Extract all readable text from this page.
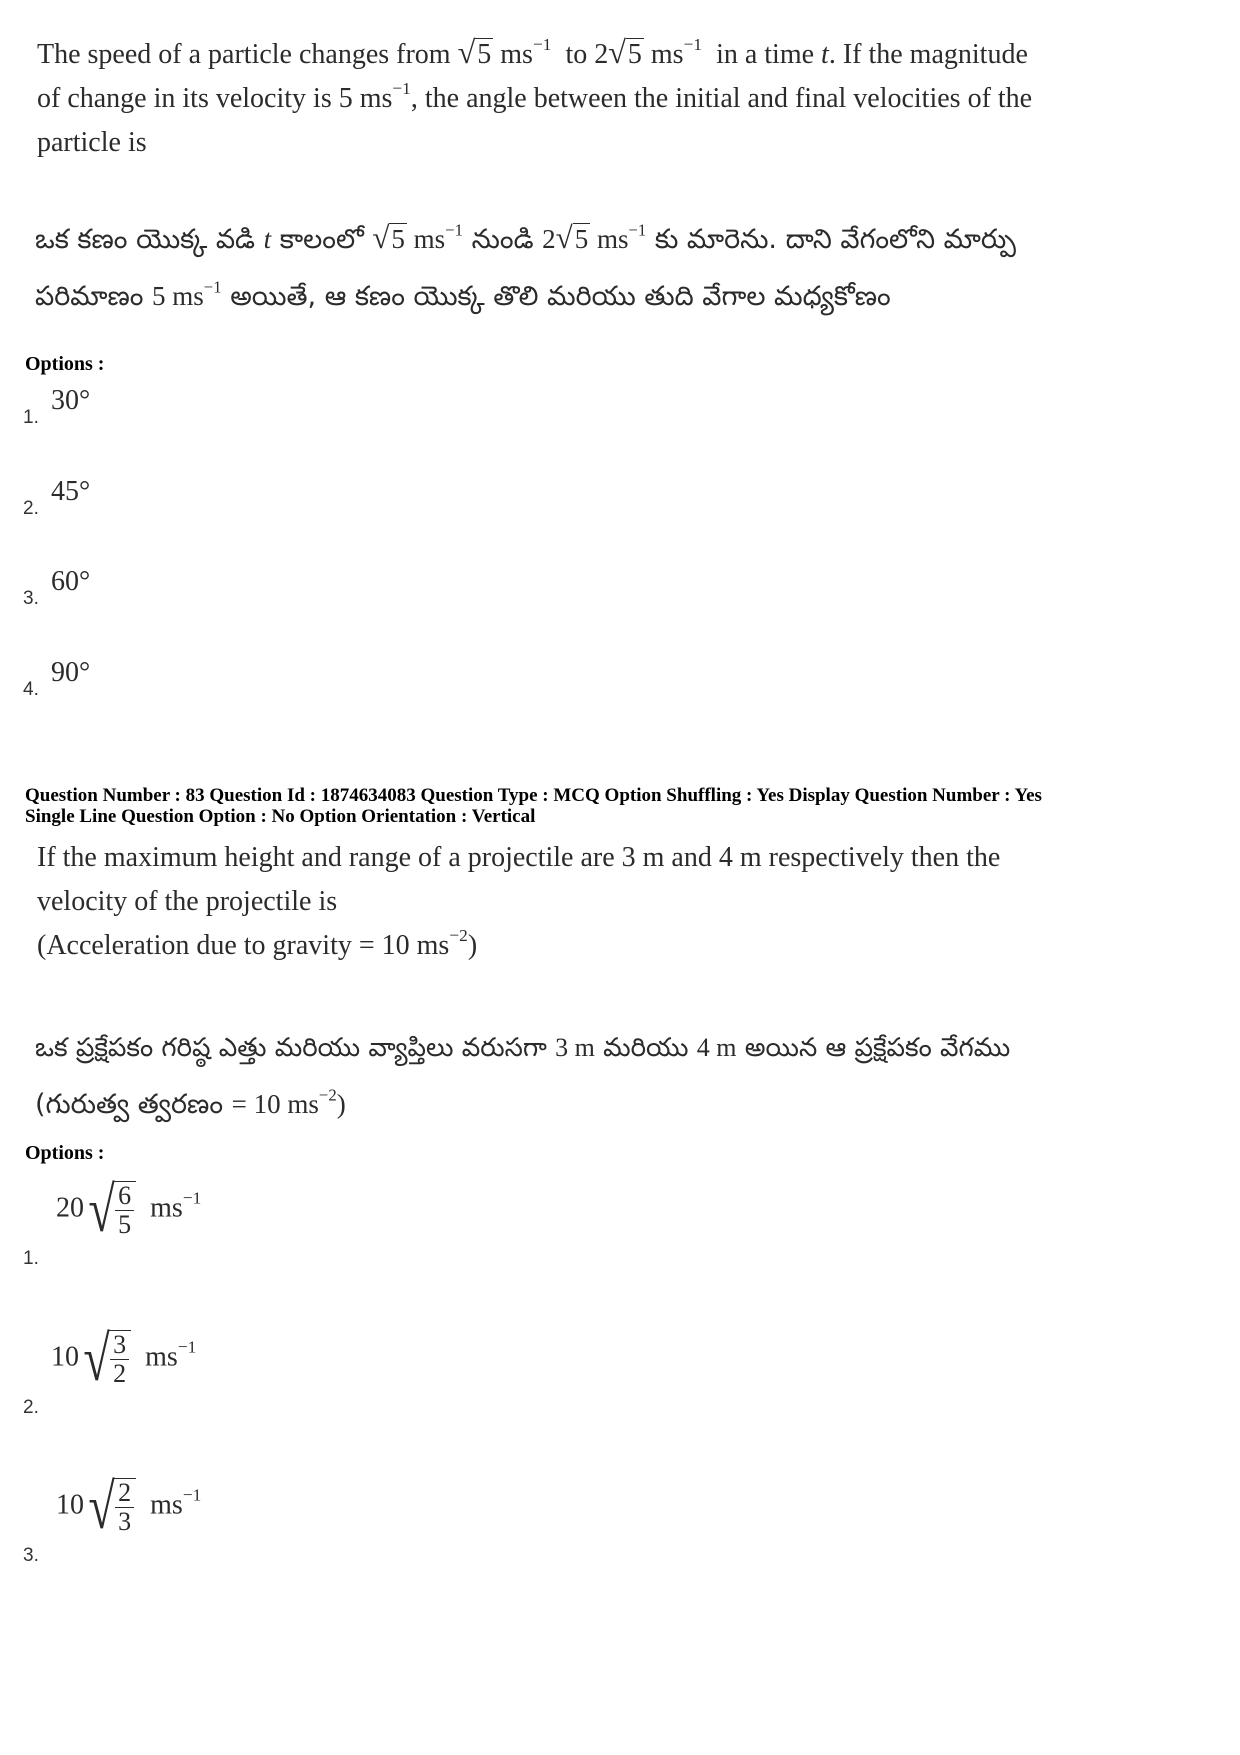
The speed of a particle changes from √5 $ms^{-1}$ to 2√5 $ms^{-1}$ in a time t. If the magnitude
of change in its velocity is 5 $ms^{-1}$, the angle between the initial and final velocities of the
particle is
ఒక కణం యొక్క వడి t కాలంలో √5 $ms^{-1}$ నుండి 2√5 $ms^{-1}$ కు మారెను. దాని వేగంలోని మార్పు
పరిమాణం 5 $ms^{-1}$ అయితే, ఆ కణం యొక్క తొలి మరియు తుది వేగాల మధ్యకోణం
Options :
30°
1.
45°
2.
60°
3.
90°
4.
Question Number : 83 Question Id : 1874634083 Question Type : MCQ Option Shuffling : Yes Display Question Number : Yes
Single Line Question Option : No Option Orientation : Vertical
If the maximum height and range of a projectile are 3 m and 4 m respectively then the
velocity of the projectile is
(Acceleration due to gravity = 10 $ms^{-2}$)
ఒక ప్రక్షేపకం గరిష్ఠ ఎత్తు మరియు వ్యాప్తిలు వరుసగా 3 m మరియు 4 m అయిన ఆ ప్రక్షేపకం వేగము
(గురుత్వ త్వరణం = 10 $ms^{-2}$)
Options :
20 √ $\frac{6}{5} ms^{-1}$
1.
10 √ $\frac{3}{2} ms^{-1}$
2.
10 √ $\frac{2}{3} ms^{-1}$
3.
